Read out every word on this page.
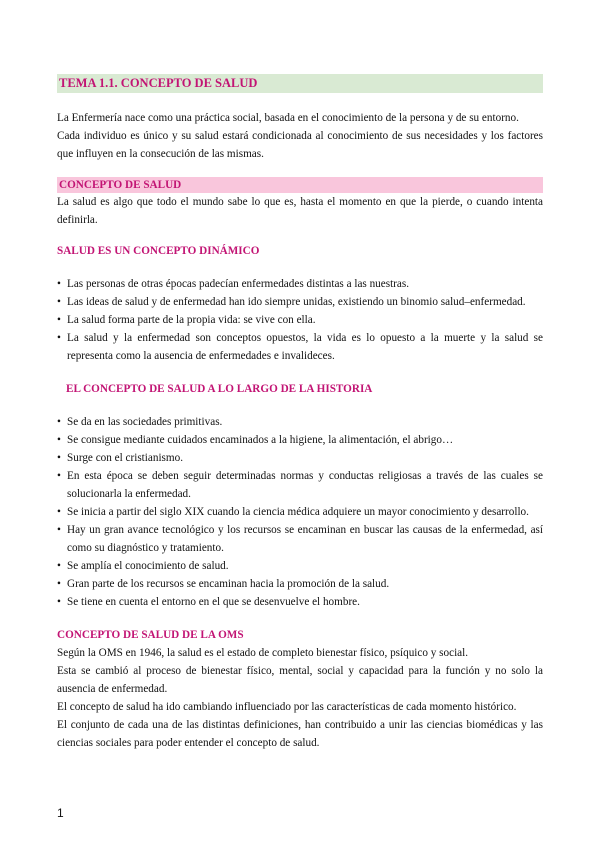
TEMA 1.1. CONCEPTO DE SALUD

La Enfermería nace como una práctica social, basada en el conocimiento de la persona y de su entorno.

Cada individuo es único y su salud estará condicionada al conocimiento de sus necesidades y los factores que influyen en la consecución de las mismas.

CONCEPTO DE SALUD

La salud es algo que todo el mundo sabe lo que es, hasta el momento en que la pierde, o cuando intenta definirla.

SALUD ES UN CONCEPTO DINÁMICO
• Las personas de otras épocas padecían enfermedades distintas a las nuestras.
• Las ideas de salud y de enfermedad han ido siempre unidas, existiendo un binomio salud–enfermedad.
• La salud forma parte de la propia vida: se vive con ella.
• La salud y la enfermedad son conceptos opuestos, la vida es lo opuesto a la muerte y la salud se representa como la ausencia de enfermedades e invalideces.
EL CONCEPTO DE SALUD A LO LARGO DE LA HISTORIA
• Se da en las sociedades primitivas.
• Se consigue mediante cuidados encaminados a la higiene, la alimentación, el abrigo…
• Surge con el cristianismo.
• En esta época se deben seguir determinadas normas y conductas religiosas a través de las cuales se solucionarla la enfermedad.
• Se inicia a partir del siglo XIX cuando la ciencia médica adquiere un mayor conocimiento y desarrollo.
• Hay un gran avance tecnológico y los recursos se encaminan en buscar las causas de la enfermedad, así como su diagnóstico y tratamiento.
• Se amplía el conocimiento de salud.
• Gran parte de los recursos se encaminan hacia la promoción de la salud.
• Se tiene en cuenta el entorno en el que se desenvuelve el hombre.
CONCEPTO DE SALUD DE LA OMS

Según la OMS en 1946, la salud es el estado de completo bienestar físico, psíquico y social.

Esta se cambió al proceso de bienestar físico, mental, social y capacidad para la función y no solo la ausencia de enfermedad.

El concepto de salud ha ido cambiando influenciado por las características de cada momento histórico.

El conjunto de cada una de las distintas definiciones, han contribuido a unir las ciencias biomédicas y las ciencias sociales para poder entender el concepto de salud.

1
